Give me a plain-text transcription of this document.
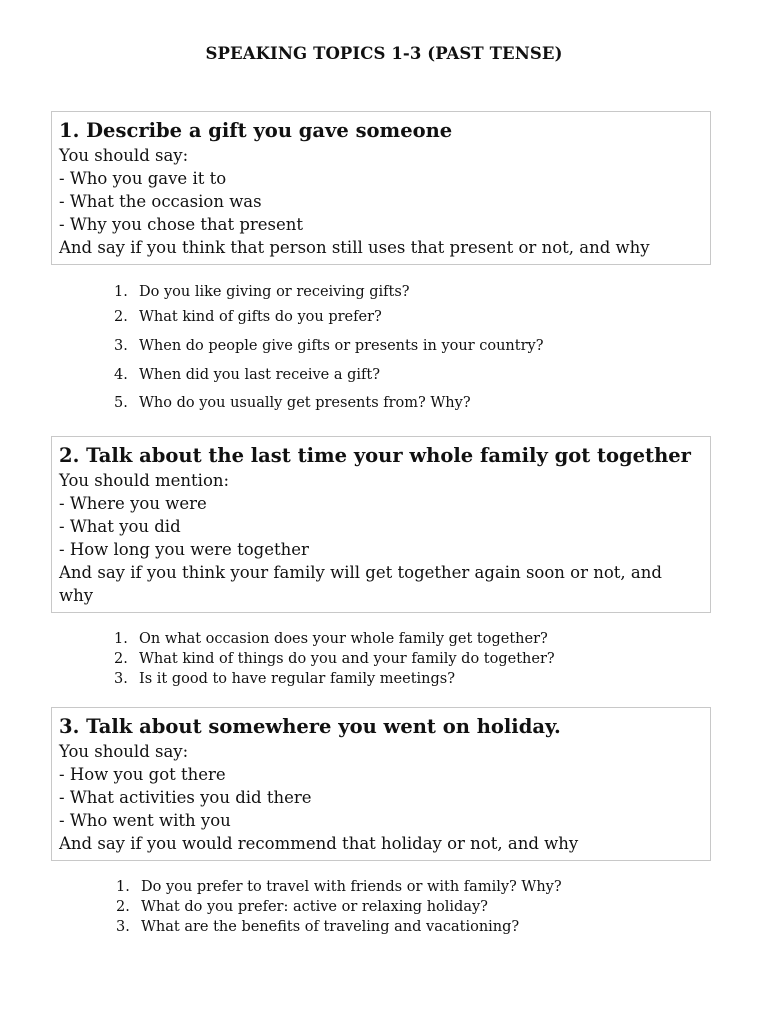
SPEAKING TOPICS 1-3 (PAST TENSE)
1. Describe a gift you gave someone
You should say:
- Who you gave it to
- What the occasion was
- Why you chose that present
And say if you think that person still uses that present or not, and why
1. Do you like giving or receiving gifts?
2. What kind of gifts do you prefer?
3. When do people give gifts or presents in your country?
4. When did you last receive a gift?
5. Who do you usually get presents from? Why?
2. Talk about the last time your whole family got together
You should mention:
- Where you were
- What you did
- How long you were together
And say if you think your family will get together again soon or not, and
why
1. On what occasion does your whole family get together?
2. What kind of things do you and your family do together?
3. Is it good to have regular family meetings?
3. Talk about somewhere you went on holiday.
You should say:
- How you got there
- What activities you did there
- Who went with you
And say if you would recommend that holiday or not, and why
1. Do you prefer to travel with friends or with family? Why?
2. What do you prefer: active or relaxing holiday?
3. What are the benefits of traveling and vacationing?
